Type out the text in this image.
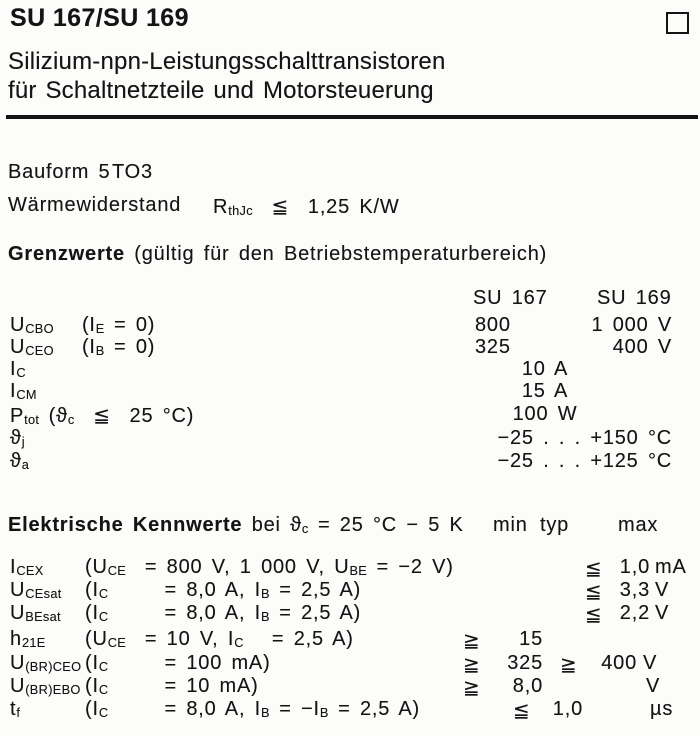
SU 167/SU 169
Silizium-npn-Leistungsschalttransistoren
für Schaltnetzteile und Motorsteuerung
Bauform 5 TO3
Wärmewiderstand $R_{thJc}$  ≦  1,25 K/W
Grenzwerte (gültig für den Betriebstemperaturbereich)
SU 167 SU 169
$U_{CBO}$   $(I_E = 0)$	800	1 000 V
$U_{CEO}$   $(I_B = 0)$	325	400 V
$I_C$	10 A
$I_{CM}$	15 A
$P_{tot}$ ($ϑ_c$  ≦  25 °C)	100 W
$ϑ_j$	−25 . . . +150 °C
$ϑ_a$	−25 . . . +125 °C
Elektrische Kennwerte bei $ϑ_c = 25$ °C − 5 K min typ max
$I_{CEX}$ ($U_{CE} = 800$ V, 1 000 V, $U_{BE} = -2$ V)	≦ 1,0 mA
$U_{CEsat}$ ($I_C$      = 8,0 A, $I_B = 2,5$ A)	≦ 3,3 V
$U_{BEsat}$ ($I_C$      = 8,0 A, $I_B = 2,5$ A)	≦ 2,2 V
$h_{21E}$ ($U_{CE} = 10$ V, $I_C = 2,5$ A)	≧	15
$U_{(BR)CEO}$ ($I_C$      = 100 mA)	≧	325 ≧	400 V
$U_{(BR)EBO}$ ($I_C$      = 10 mA)	≧	8,0	V
$t_f$	($I_C$      = 8,0 A, $I_B = -I_B = 2,5$ A)	≦	1,0	µs
